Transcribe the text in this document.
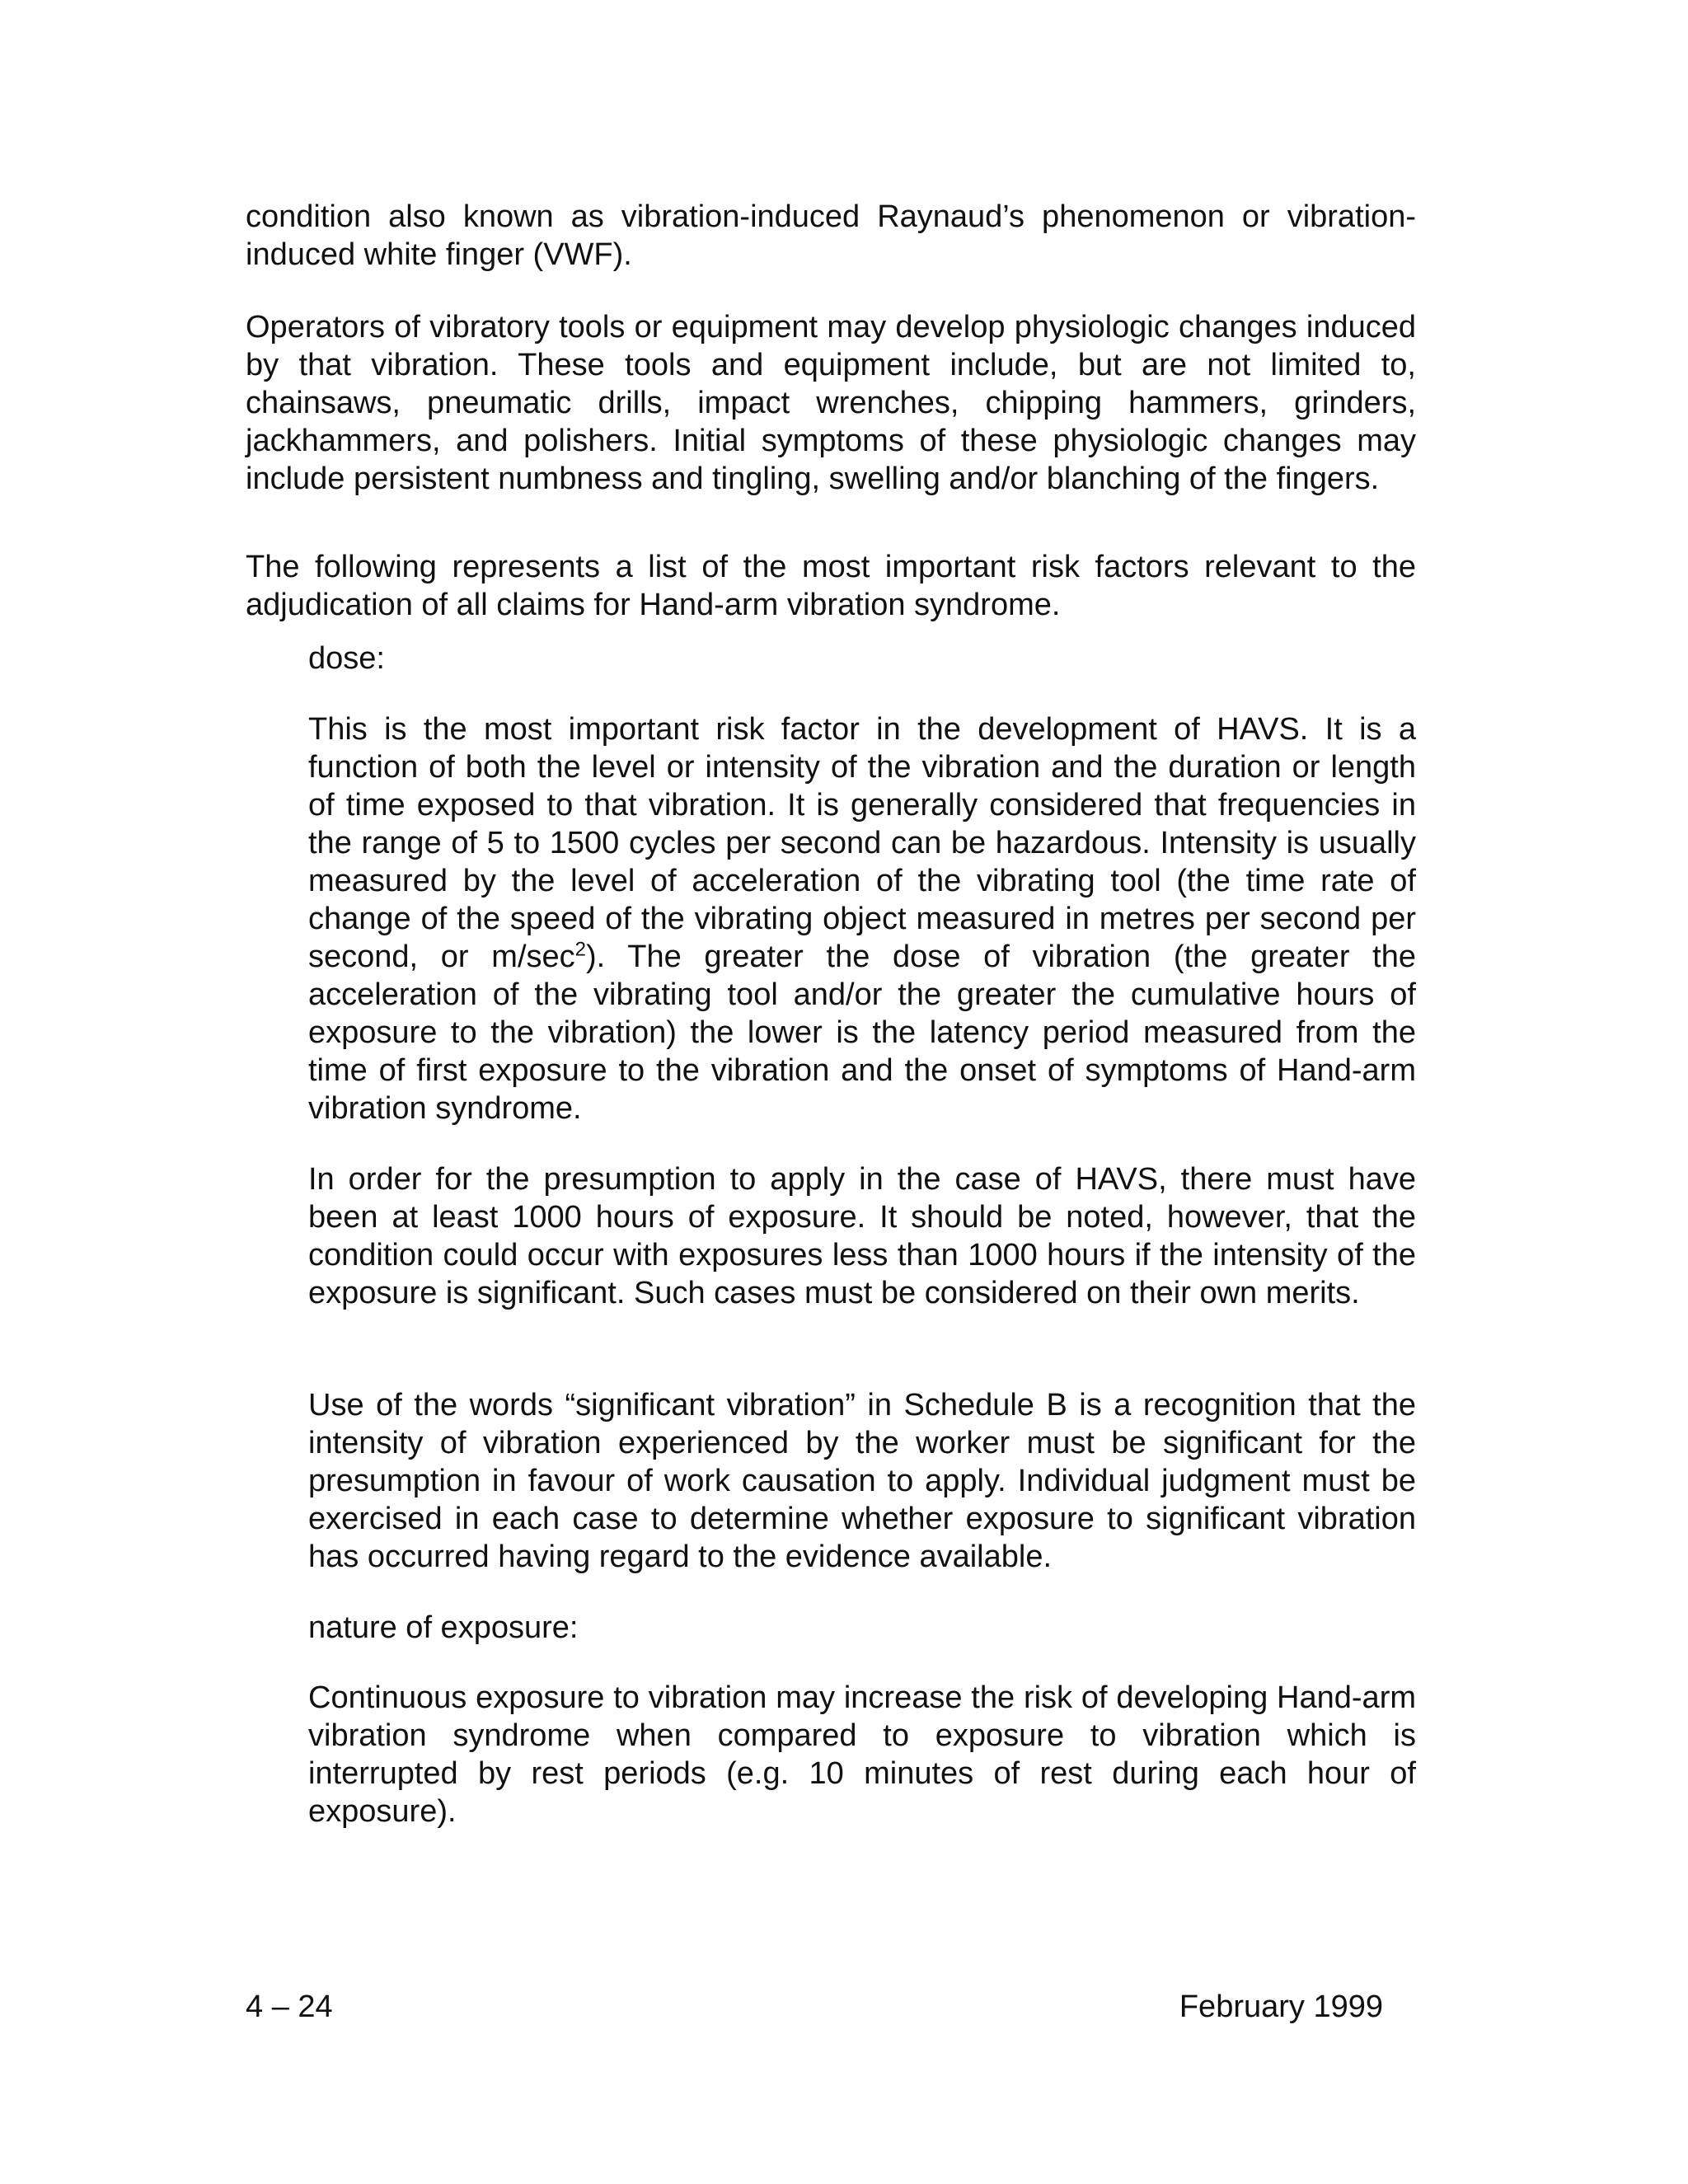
condition also known as vibration-induced Raynaud’s phenomenon or vibration-induced white finger (VWF).

Operators of vibratory tools or equipment may develop physiologic changes induced by that vibration. These tools and equipment include, but are not limited to, chainsaws, pneumatic drills, impact wrenches, chipping hammers, grinders, jackhammers, and polishers. Initial symptoms of these physiologic changes may include persistent numbness and tingling, swelling and/or blanching of the fingers.

The following represents a list of the most important risk factors relevant to the adjudication of all claims for Hand-arm vibration syndrome.

dose:

This is the most important risk factor in the development of HAVS. It is a function of both the level or intensity of the vibration and the duration or length of time exposed to that vibration. It is generally considered that frequencies in the range of 5 to 1500 cycles per second can be hazardous. Intensity is usually measured by the level of acceleration of the vibrating tool (the time rate of change of the speed of the vibrating object measured in metres per second per second, or $m/\sec^2$). The greater the dose of vibration (the greater the acceleration of the vibrating tool and/or the greater the cumulative hours of exposure to the vibration) the lower is the latency period measured from the time of first exposure to the vibration and the onset of symptoms of Hand-arm vibration syndrome.

In order for the presumption to apply in the case of HAVS, there must have been at least 1000 hours of exposure. It should be noted, however, that the condition could occur with exposures less than 1000 hours if the intensity of the exposure is significant. Such cases must be considered on their own merits.

Use of the words “significant vibration” in Schedule B is a recognition that the intensity of vibration experienced by the worker must be significant for the presumption in favour of work causation to apply. Individual judgment must be exercised in each case to determine whether exposure to significant vibration has occurred having regard to the evidence available.

nature of exposure:

Continuous exposure to vibration may increase the risk of developing Hand-arm vibration syndrome when compared to exposure to vibration which is interrupted by rest periods (e.g. 10 minutes of rest during each hour of exposure).

4 – 24	February 1999
